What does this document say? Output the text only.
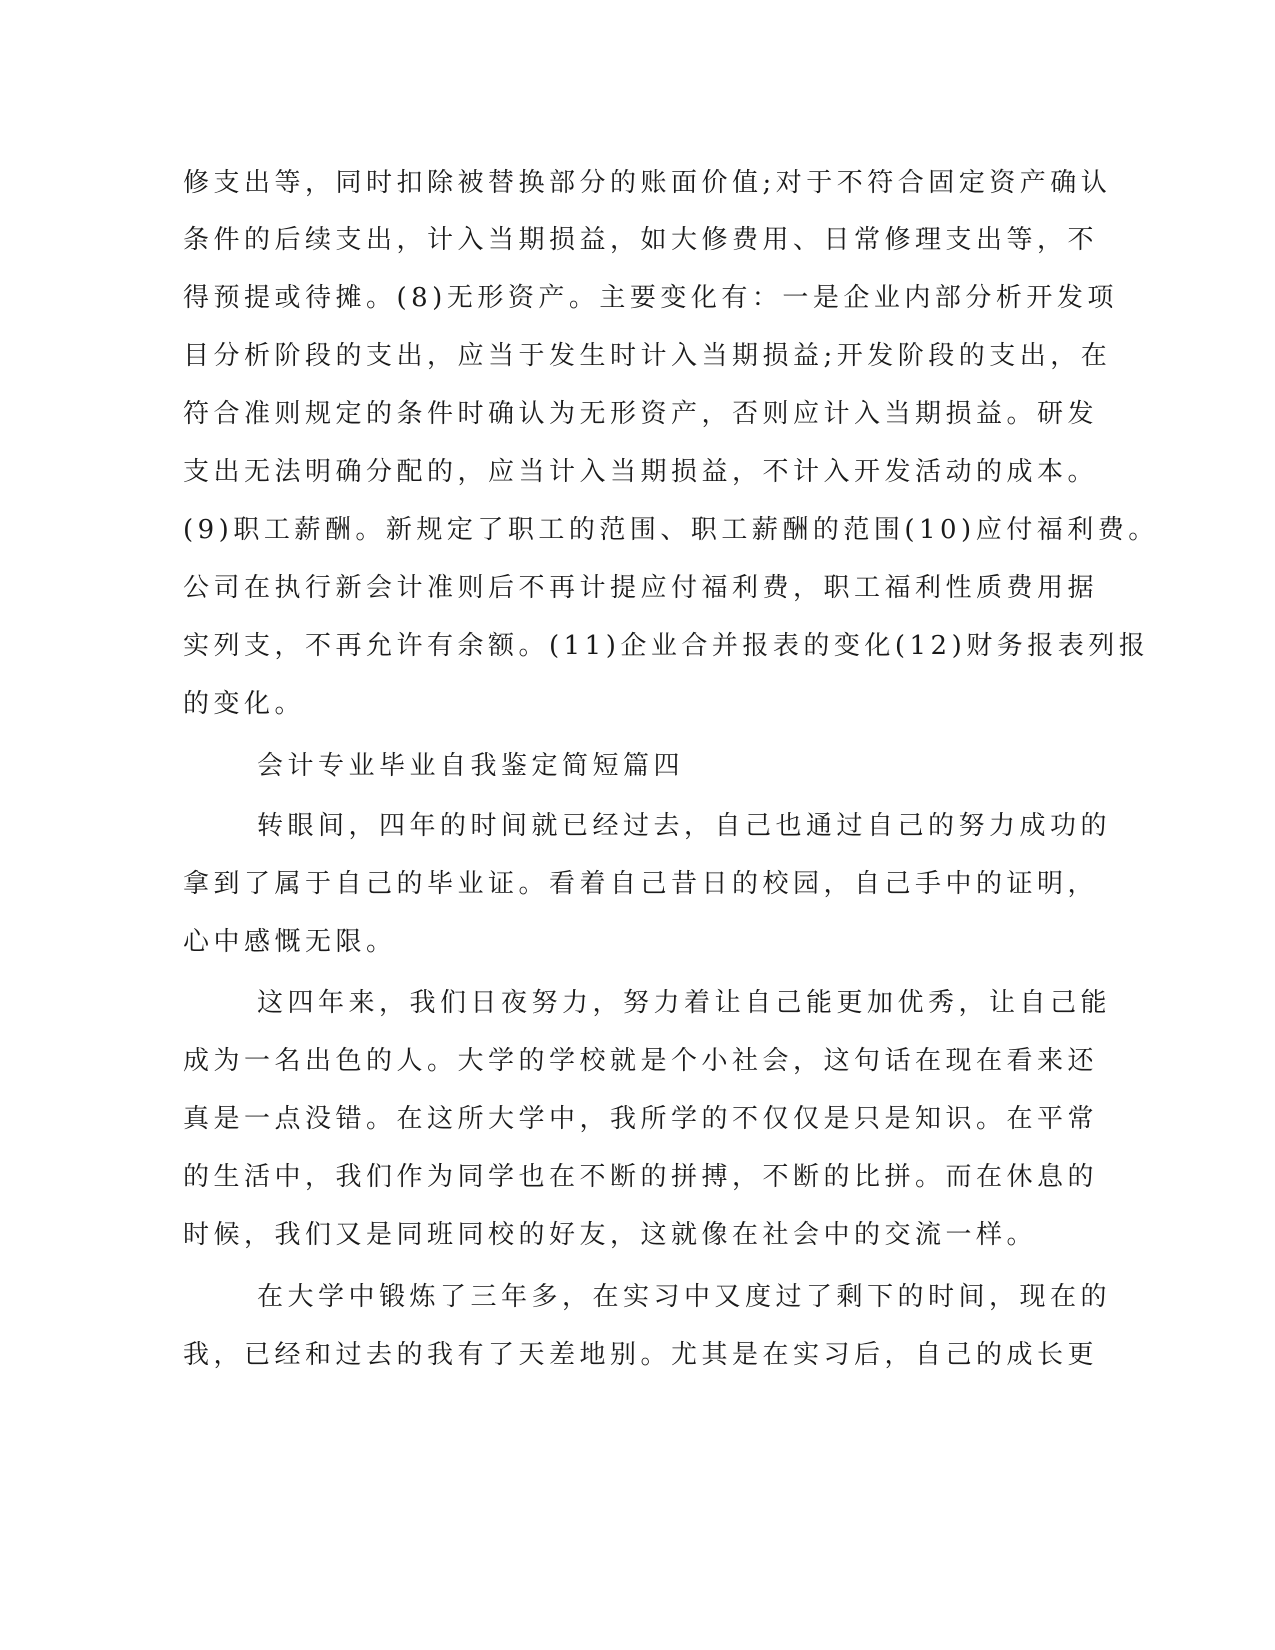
修支出等，同时扣除被替换部分的账面价值;对于不符合固定资产确认
条件的后续支出，计入当期损益，如大修费用、日常修理支出等，不
得预提或待摊。(8)无形资产。主要变化有：一是企业内部分析开发项
目分析阶段的支出，应当于发生时计入当期损益;开发阶段的支出，在
符合准则规定的条件时确认为无形资产，否则应计入当期损益。研发
支出无法明确分配的，应当计入当期损益，不计入开发活动的成本。
(9)职工薪酬。新规定了职工的范围、职工薪酬的范围(10)应付福利费。
公司在执行新会计准则后不再计提应付福利费，职工福利性质费用据
实列支，不再允许有余额。(11)企业合并报表的变化(12)财务报表列报
的变化。
会计专业毕业自我鉴定简短篇四
转眼间，四年的时间就已经过去，自己也通过自己的努力成功的
拿到了属于自己的毕业证。看着自己昔日的校园，自己手中的证明，
心中感慨无限。
这四年来，我们日夜努力，努力着让自己能更加优秀，让自己能
成为一名出色的人。大学的学校就是个小社会，这句话在现在看来还
真是一点没错。在这所大学中，我所学的不仅仅是只是知识。在平常
的生活中，我们作为同学也在不断的拼搏，不断的比拼。而在休息的
时候，我们又是同班同校的好友，这就像在社会中的交流一样。
在大学中锻炼了三年多，在实习中又度过了剩下的时间，现在的
我，已经和过去的我有了天差地别。尤其是在实习后，自己的成长更
